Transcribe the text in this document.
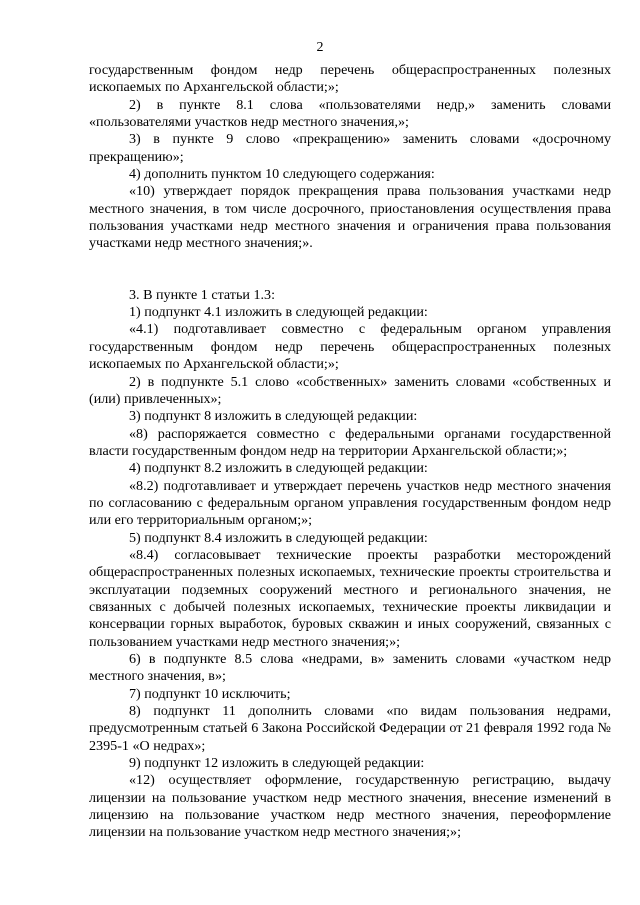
2

государственным фондом недр перечень общераспространенных полезных ископаемых по Архангельской области;»;

2) в пункте 8.1 слова «пользователями недр,» заменить словами «пользователями участков недр местного значения,»;

3) в пункте 9 слово «прекращению» заменить словами «досрочному прекращению»;

4) дополнить пунктом 10 следующего содержания:

«10) утверждает порядок прекращения права пользования участками недр местного значения, в том числе досрочного, приостановления осуществления права пользования участками недр местного значения и ограничения права пользования участками недр местного значения;».

3. В пункте 1 статьи 1.3:

1) подпункт 4.1 изложить в следующей редакции:

«4.1) подготавливает совместно с федеральным органом управления государственным фондом недр перечень общераспространенных полезных ископаемых по Архангельской области;»;

2) в подпункте 5.1 слово «собственных» заменить словами «собственных и (или) привлеченных»;

3) подпункт 8 изложить в следующей редакции:

«8) распоряжается совместно с федеральными органами государственной власти государственным фондом недр на территории Архангельской области;»;

4) подпункт 8.2 изложить в следующей редакции:

«8.2) подготавливает и утверждает перечень участков недр местного значения по согласованию с федеральным органом управления государственным фондом недр или его территориальным органом;»;

5) подпункт 8.4 изложить в следующей редакции:

«8.4) согласовывает технические проекты разработки месторождений общераспространенных полезных ископаемых, технические проекты строительства и эксплуатации подземных сооружений местного и регионального значения, не связанных с добычей полезных ископаемых, технические проекты ликвидации и консервации горных выработок, буровых скважин и иных сооружений, связанных с пользованием участками недр местного значения;»;

6) в подпункте 8.5 слова «недрами, в» заменить словами «участком недр местного значения, в»;

7) подпункт 10 исключить;

8) подпункт 11 дополнить словами «по видам пользования недрами, предусмотренным статьей 6 Закона Российской Федерации от 21 февраля 1992 года № 2395-1 «О недрах»;

9) подпункт 12 изложить в следующей редакции:

«12) осуществляет оформление, государственную регистрацию, выдачу лицензии на пользование участком недр местного значения, внесение изменений в лицензию на пользование участком недр местного значения, переоформление лицензии на пользование участком недр местного значения;»;
